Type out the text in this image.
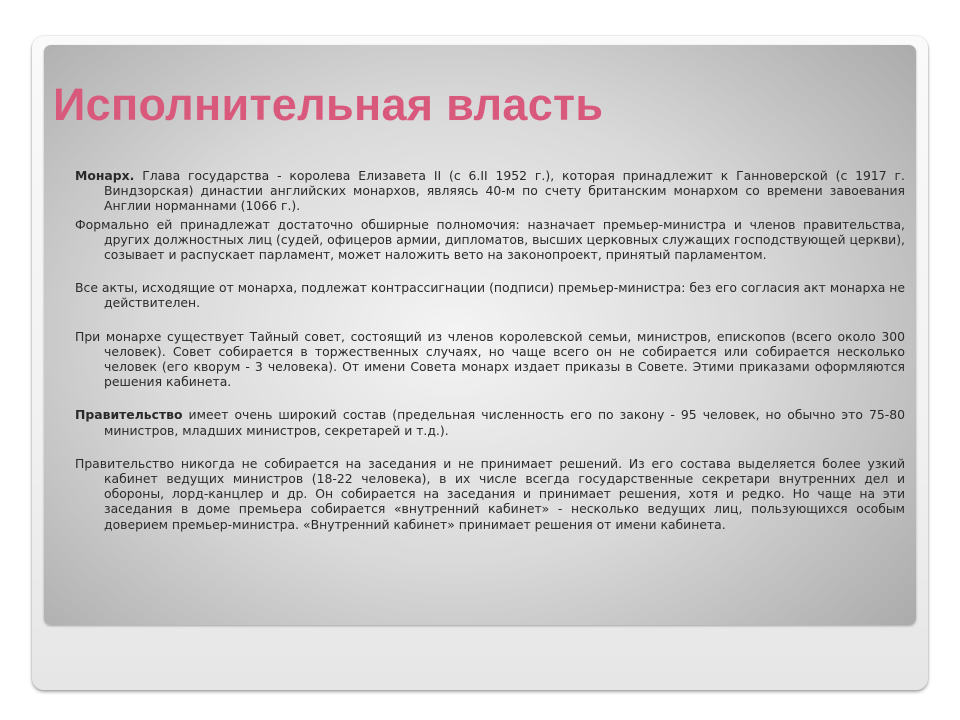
Исполнительная власть

Монарх. Глава государства - королева Елизавета II (с 6.II 1952 г.), которая принадлежит к Ганноверской (с 1917 г. Виндзорская) династии английских монархов, являясь 40-м по счету британским монархом со времени завоевания Англии норманнами (1066 г.).

Формально ей принадлежат достаточно обширные полномочия: назначает премьер-министра и членов правительства, других должностных лиц (судей, офицеров армии, дипломатов, высших церковных служащих господствующей церкви), созывает и распускает парламент, может наложить вето на законопроект, принятый парламентом.

Все акты, исходящие от монарха, подлежат контрассигнации (подписи) премьер-министра: без его согласия акт монарха не действителен.

При монархе существует Тайный совет, состоящий из членов королевской семьи, министров, епископов (всего около 300 человек). Совет собирается в торжественных случаях, но чаще всего он не собирается или собирается несколько человек (его кворум - 3 человека). От имени Совета монарх издает приказы в Совете. Этими приказами оформляются решения кабинета.

Правительство имеет очень широкий состав (предельная численность его по закону - 95 человек, но обычно это 75-80 министров, младших министров, секретарей и т.д.).

Правительство никогда не собирается на заседания и не принимает решений. Из его состава выделяется более узкий кабинет ведущих министров (18-22 человека), в их числе всегда государственные секретари внутренних дел и обороны, лорд-канцлер и др. Он собирается на заседания и принимает решения, хотя и редко. Но чаще на эти заседания в доме премьера собирается «внутренний кабинет» - несколько ведущих лиц, пользующихся особым доверием премьер-министра. «Внутренний кабинет» принимает решения от имени кабинета.
